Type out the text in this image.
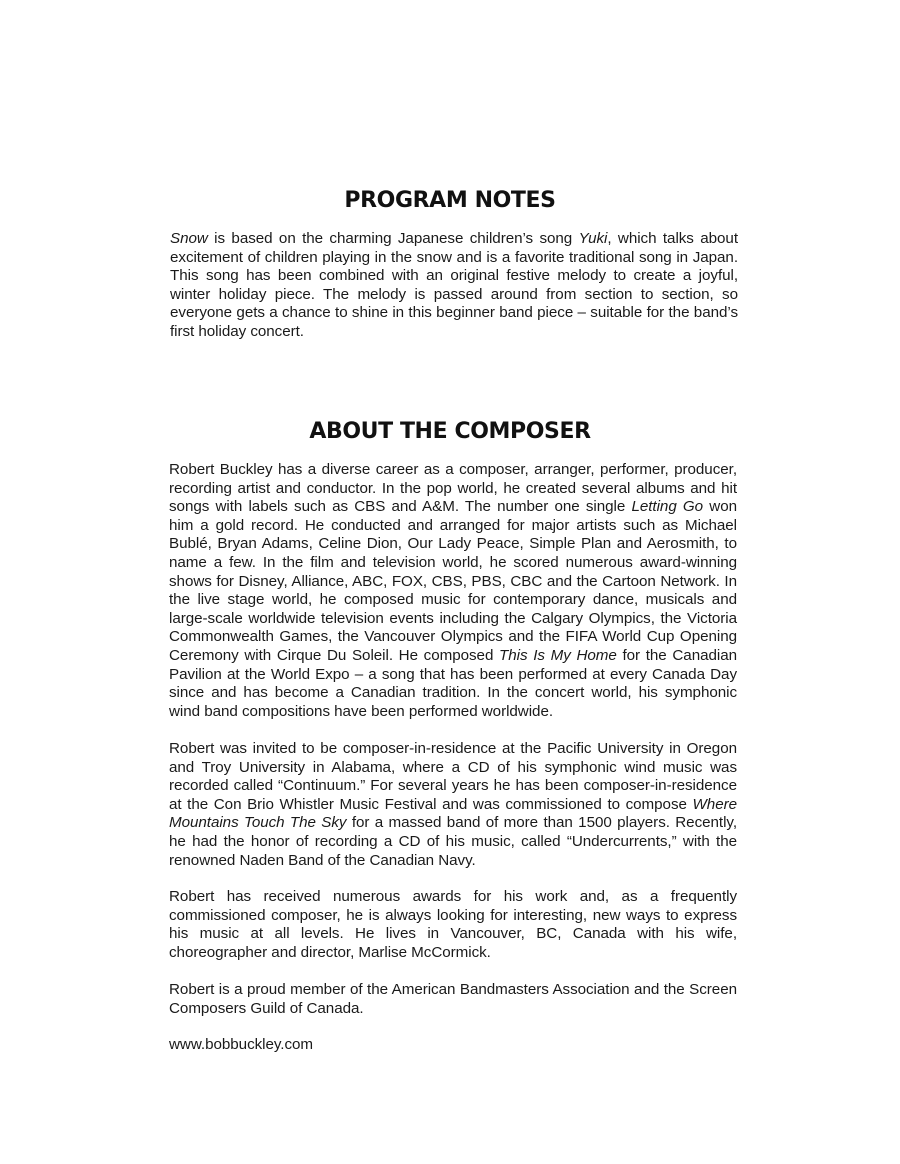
PROGRAM NOTES

Snow is based on the charming Japanese children’s song Yuki, which talks about excitement of children playing in the snow and is a favorite traditional song in Japan. This song has been combined with an original festive melody to create a joyful, winter holiday piece. The melody is passed around from section to section, so everyone gets a chance to shine in this beginner band piece – suitable for the band’s first holiday concert.

ABOUT THE COMPOSER

Robert Buckley has a diverse career as a composer, arranger, performer, producer, recording artist and conductor. In the pop world, he created several albums and hit songs with labels such as CBS and A&M. The number one single Letting Go won him a gold record. He conducted and arranged for major artists such as Michael Bublé, Bryan Adams, Celine Dion, Our Lady Peace, Simple Plan and Aerosmith, to name a few. In the film and television world, he scored numerous award-winning shows for Disney, Alliance, ABC, FOX, CBS, PBS, CBC and the Cartoon Network. In the live stage world, he composed music for contemporary dance, musicals and large-scale worldwide television events including the Calgary Olympics, the Victoria Commonwealth Games, the Vancouver Olympics and the FIFA World Cup Opening Ceremony with Cirque Du Soleil. He composed This Is My Home for the Canadian Pavilion at the World Expo – a song that has been performed at every Canada Day since and has become a Canadian tradition. In the concert world, his symphonic wind band compositions have been performed worldwide.

Robert was invited to be composer-in-residence at the Pacific University in Oregon and Troy University in Alabama, where a CD of his symphonic wind music was recorded called “Continuum.” For several years he has been composer-in-residence at the Con Brio Whistler Music Festival and was commissioned to compose Where Mountains Touch The Sky for a massed band of more than 1500 players. Recently, he had the honor of recording a CD of his music, called “Undercurrents,” with the renowned Naden Band of the Canadian Navy.

Robert has received numerous awards for his work and, as a frequently commissioned composer, he is always looking for interesting, new ways to express his music at all levels. He lives in Vancouver, BC, Canada with his wife, choreographer and director, Marlise McCormick.

Robert is a proud member of the American Bandmasters Association and the Screen Composers Guild of Canada.

www.bobbuckley.com
